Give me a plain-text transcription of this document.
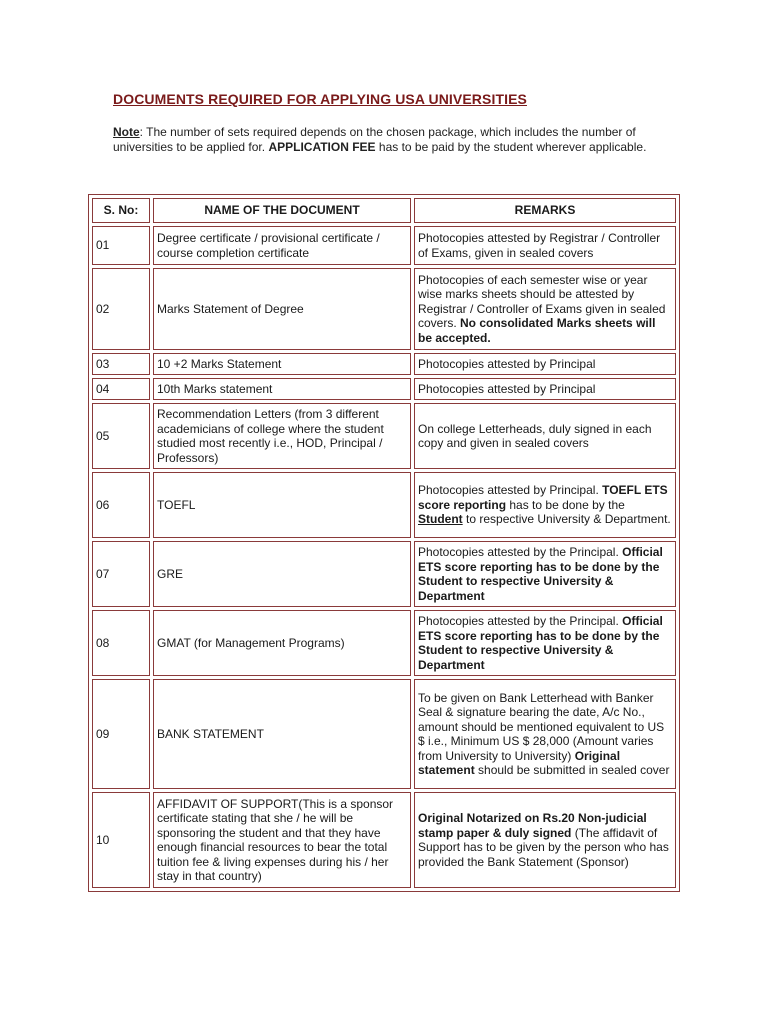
DOCUMENTS REQUIRED FOR APPLYING USA UNIVERSITIES
Note: The number of sets required depends on the chosen package, which includes the number of universities to be applied for. APPLICATION FEE has to be paid by the student wherever applicable.
S. No:	NAME OF THE DOCUMENT	REMARKS
01	Degree certificate / provisional certificate / course completion certificate	Photocopies attested by Registrar / Controller of Exams, given in sealed covers
02	Marks Statement of Degree	Photocopies of each semester wise or year wise marks sheets should be attested by Registrar / Controller of Exams given in sealed covers. No consolidated Marks sheets will be accepted.
03	10 +2 Marks Statement	Photocopies attested by Principal
04	10th Marks statement	Photocopies attested by Principal
05	Recommendation Letters (from 3 different academicians of college where the student studied most recently i.e., HOD, Principal / Professors)	On college Letterheads, duly signed in each copy and given in sealed covers
06	TOEFL	Photocopies attested by Principal. TOEFL ETS score reporting has to be done by the Student to respective University & Department.
07	GRE	Photocopies attested by the Principal. Official ETS score reporting has to be done by the Student to respective University & Department
08	GMAT (for Management Programs)	Photocopies attested by the Principal. Official ETS score reporting has to be done by the Student to respective University & Department
09	BANK STATEMENT	To be given on Bank Letterhead with Banker Seal & signature bearing the date, A/c No., amount should be mentioned equivalent to US $ i.e., Minimum US $ 28,000 (Amount varies from University to University) Original statement should be submitted in sealed cover
10	AFFIDAVIT OF SUPPORT(This is a sponsor certificate stating that she / he will be sponsoring the student and that they have enough financial resources to bear the total tuition fee & living expenses during his / her stay in that country)	Original Notarized on Rs.20 Non-judicial stamp paper & duly signed (The affidavit of Support has to be given by the person who has provided the Bank Statement (Sponsor)
